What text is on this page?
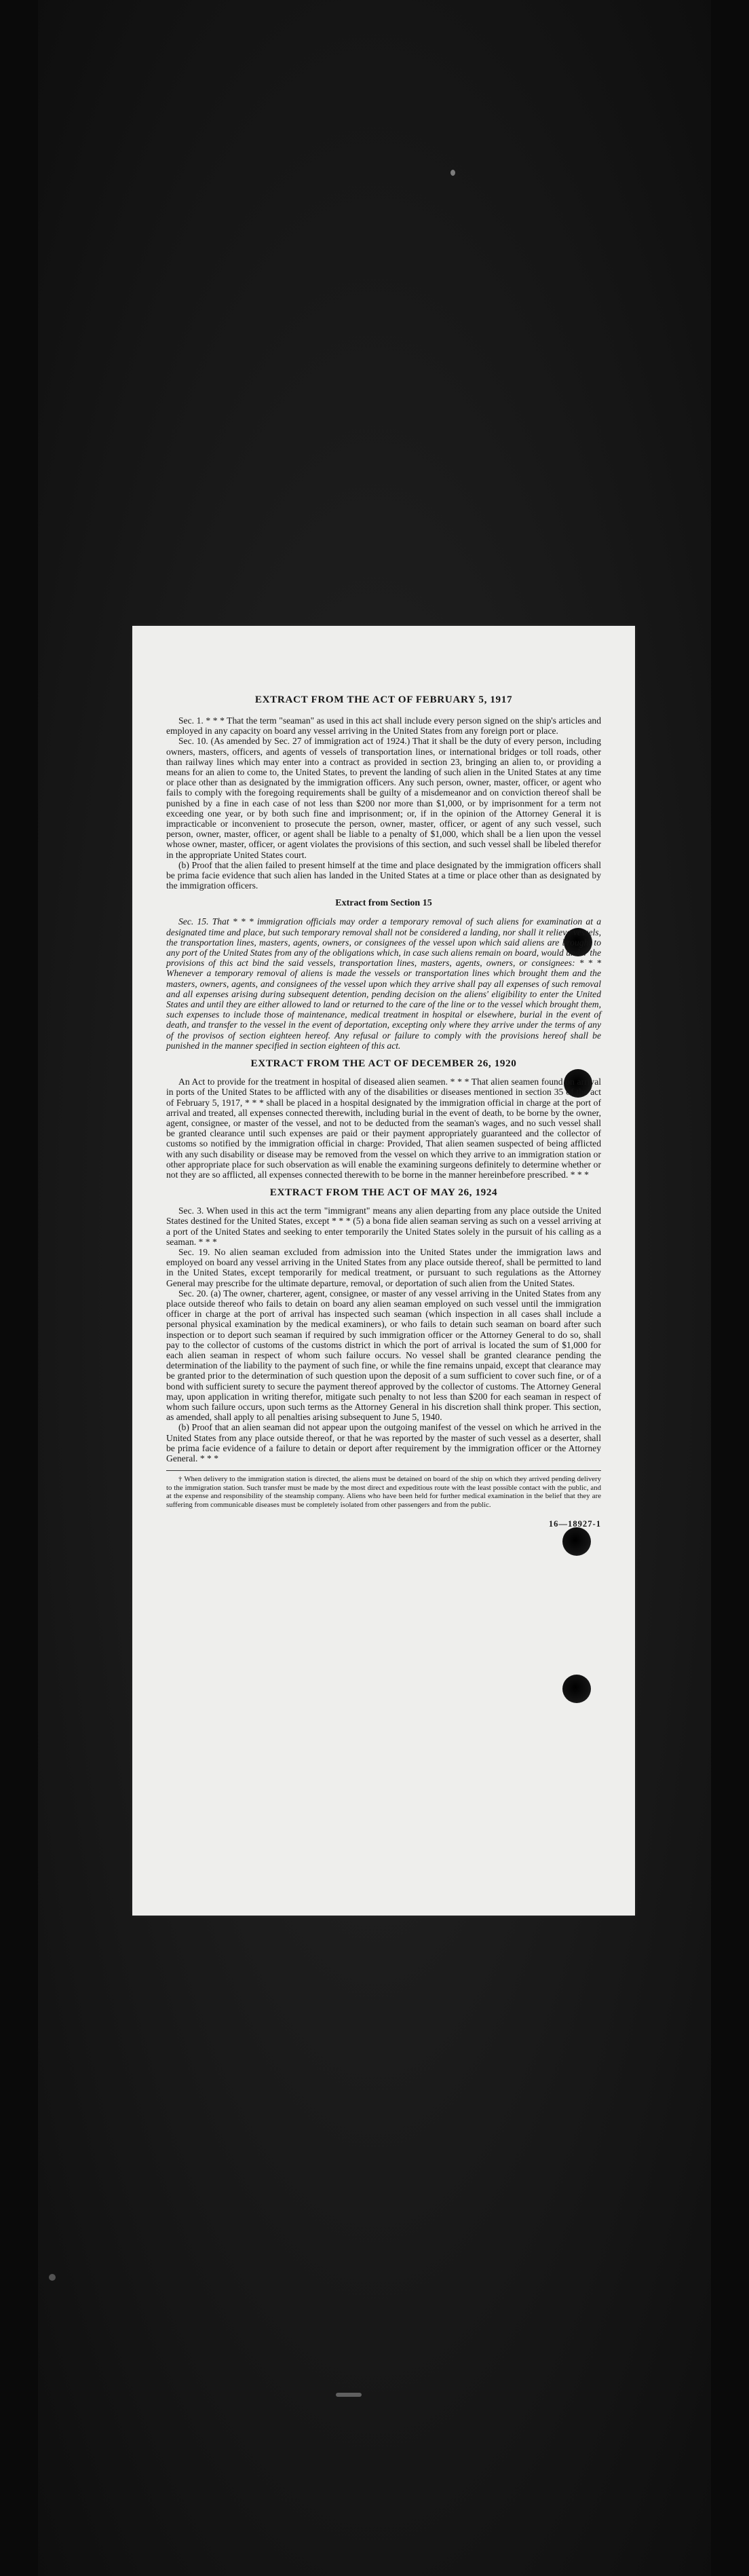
EXTRACT FROM THE ACT OF FEBRUARY 5, 1917

Sec. 1. * * * That the term "seaman" as used in this act shall include every person signed on the ship's articles and employed in any capacity on board any vessel arriving in the United States from any foreign port or place.

Sec. 10. (As amended by Sec. 27 of immigration act of 1924.) That it shall be the duty of every person, including owners, masters, officers, and agents of vessels of transportation lines, or international bridges or toll roads, other than railway lines which may enter into a contract as provided in section 23, bringing an alien to, or providing a means for an alien to come to, the United States, to prevent the landing of such alien in the United States at any time or place other than as designated by the immigration officers. Any such person, owner, master, officer, or agent who fails to comply with the foregoing requirements shall be guilty of a misdemeanor and on conviction thereof shall be punished by a fine in each case of not less than $200 nor more than $1,000, or by imprisonment for a term not exceeding one year, or by both such fine and imprisonment; or, if in the opinion of the Attorney General it is impracticable or inconvenient to prosecute the person, owner, master, officer, or agent of any such vessel, such person, owner, master, officer, or agent shall be liable to a penalty of $1,000, which shall be a lien upon the vessel whose owner, master, officer, or agent violates the provisions of this section, and such vessel shall be libeled therefor in the appropriate United States court.

(b) Proof that the alien failed to present himself at the time and place designated by the immigration officers shall be prima facie evidence that such alien has landed in the United States at a time or place other than as designated by the immigration officers.

Extract from Section 15

Sec. 15. That * * * immigration officials may order a temporary removal of such aliens for examination at a designated time and place, but such temporary removal shall not be considered a landing, nor shall it relieve vessels, the transportation lines, masters, agents, owners, or consignees of the vessel upon which said aliens are brought to any port of the United States from any of the obligations which, in case such aliens remain on board, would under the provisions of this act bind the said vessels, transportation lines, masters, agents, owners, or consignees: * * * Whenever a temporary removal of aliens is made the vessels or transportation lines which brought them and the masters, owners, agents, and consignees of the vessel upon which they arrive shall pay all expenses of such removal and all expenses arising during subsequent detention, pending decision on the aliens' eligibility to enter the United States and until they are either allowed to land or returned to the care of the line or to the vessel which brought them, such expenses to include those of maintenance, medical treatment in hospital or elsewhere, burial in the event of death, and transfer to the vessel in the event of deportation, excepting only where they arrive under the terms of any of the provisos of section eighteen hereof. Any refusal or failure to comply with the provisions hereof shall be punished in the manner specified in section eighteen of this act.

EXTRACT FROM THE ACT OF DECEMBER 26, 1920

An Act to provide for the treatment in hospital of diseased alien seamen. * * * That alien seamen found on arrival in ports of the United States to be afflicted with any of the disabilities or diseases mentioned in section 35 of the act of February 5, 1917, * * * shall be placed in a hospital designated by the immigration official in charge at the port of arrival and treated, all expenses connected therewith, including burial in the event of death, to be borne by the owner, agent, consignee, or master of the vessel, and not to be deducted from the seaman's wages, and no such vessel shall be granted clearance until such expenses are paid or their payment appropriately guaranteed and the collector of customs so notified by the immigration official in charge: Provided, That alien seamen suspected of being afflicted with any such disability or disease may be removed from the vessel on which they arrive to an immigration station or other appropriate place for such observation as will enable the examining surgeons definitely to determine whether or not they are so afflicted, all expenses connected therewith to be borne in the manner hereinbefore prescribed. * * *

EXTRACT FROM THE ACT OF MAY 26, 1924

Sec. 3. When used in this act the term "immigrant" means any alien departing from any place outside the United States destined for the United States, except * * * (5) a bona fide alien seaman serving as such on a vessel arriving at a port of the United States and seeking to enter temporarily the United States solely in the pursuit of his calling as a seaman. * * *

Sec. 19. No alien seaman excluded from admission into the United States under the immigration laws and employed on board any vessel arriving in the United States from any place outside thereof, shall be permitted to land in the United States, except temporarily for medical treatment, or pursuant to such regulations as the Attorney General may prescribe for the ultimate departure, removal, or deportation of such alien from the United States.

Sec. 20. (a) The owner, charterer, agent, consignee, or master of any vessel arriving in the United States from any place outside thereof who fails to detain on board any alien seaman employed on such vessel until the immigration officer in charge at the port of arrival has inspected such seaman (which inspection in all cases shall include a personal physical examination by the medical examiners), or who fails to detain such seaman on board after such inspection or to deport such seaman if required by such immigration officer or the Attorney General to do so, shall pay to the collector of customs of the customs district in which the port of arrival is located the sum of $1,000 for each alien seaman in respect of whom such failure occurs. No vessel shall be granted clearance pending the determination of the liability to the payment of such fine, or while the fine remains unpaid, except that clearance may be granted prior to the determination of such question upon the deposit of a sum sufficient to cover such fine, or of a bond with sufficient surety to secure the payment thereof approved by the collector of customs. The Attorney General may, upon application in writing therefor, mitigate such penalty to not less than $200 for each seaman in respect of whom such failure occurs, upon such terms as the Attorney General in his discretion shall think proper. This section, as amended, shall apply to all penalties arising subsequent to June 5, 1940.

(b) Proof that an alien seaman did not appear upon the outgoing manifest of the vessel on which he arrived in the United States from any place outside thereof, or that he was reported by the master of such vessel as a deserter, shall be prima facie evidence of a failure to detain or deport after requirement by the immigration officer or the Attorney General. * * *

† When delivery to the immigration station is directed, the aliens must be detained on board of the ship on which they arrived pending delivery to the immigration station. Such transfer must be made by the most direct and expeditious route with the least possible contact with the public, and at the expense and responsibility of the steamship company. Aliens who have been held for further medical examination in the belief that they are suffering from communicable diseases must be completely isolated from other passengers and from the public.

16—18927-1
